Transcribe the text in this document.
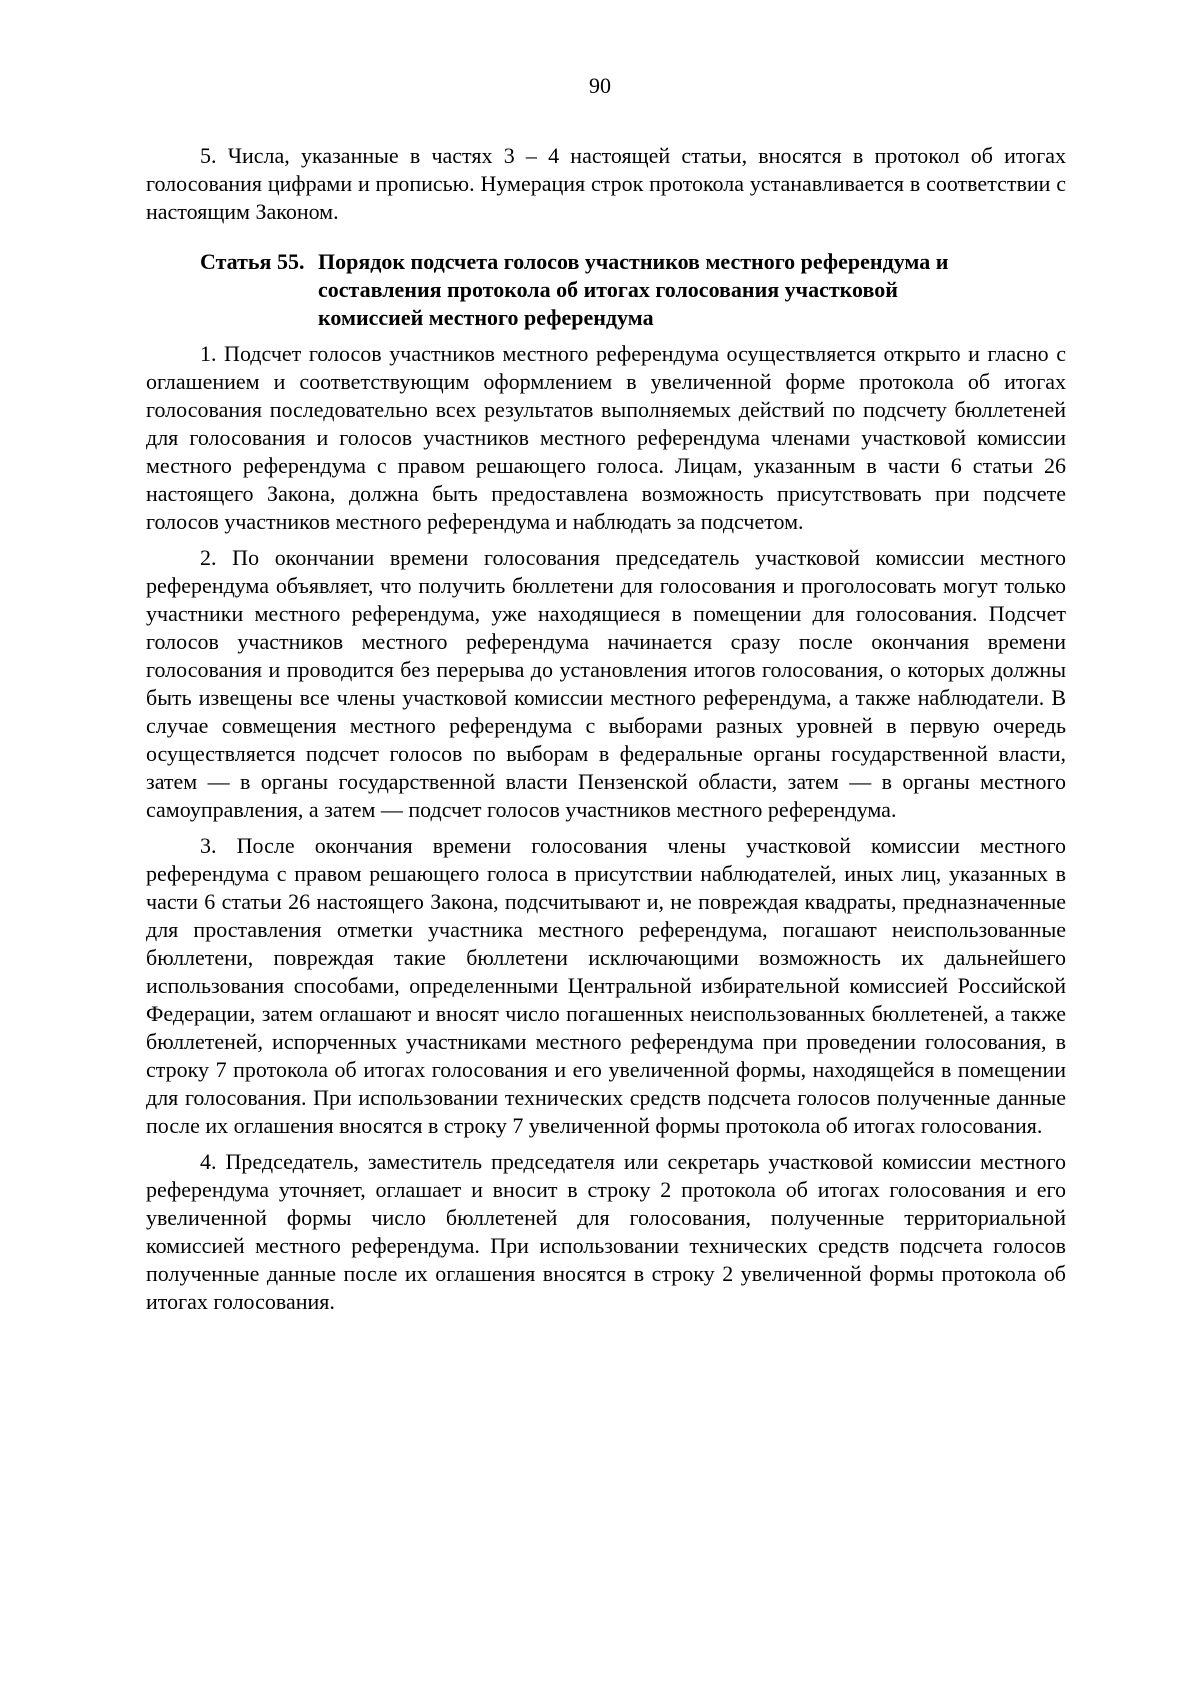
90

5. Числа, указанные в частях 3 – 4 настоящей статьи, вносятся в протокол об итогах голосования цифрами и прописью. Нумерация строк протокола устанавливается в соответствии с настоящим Законом.

Статья 55. Порядок подсчета голосов участников местного референдума и
составления протокола об итогах голосования участковой
комиссией местного референдума

1. Подсчет голосов участников местного референдума осуществляется открыто и гласно с оглашением и соответствующим оформлением в увеличенной форме протокола об итогах голосования последовательно всех результатов выполняемых действий по подсчету бюллетеней для голосования и голосов участников местного референдума членами участковой комиссии местного референдума с правом решающего голоса. Лицам, указанным в части 6 статьи 26 настоящего Закона, должна быть предоставлена возможность присутствовать при подсчете голосов участников местного референдума и наблюдать за подсчетом.

2. По окончании времени голосования председатель участковой комиссии местного референдума объявляет, что получить бюллетени для голосования и проголосовать могут только участники местного референдума, уже находящиеся в помещении для голосования. Подсчет голосов участников местного референдума начинается сразу после окончания времени голосования и проводится без перерыва до установления итогов голосования, о которых должны быть извещены все члены участковой комиссии местного референдума, а также наблюдатели. В случае совмещения местного референдума с выборами разных уровней в первую очередь осуществляется подсчет голосов по выборам в федеральные органы государственной власти, затем — в органы государственной власти Пензенской области, затем — в органы местного самоуправления, а затем — подсчет голосов участников местного референдума.

3. После окончания времени голосования члены участковой комиссии местного референдума с правом решающего голоса в присутствии наблюдателей, иных лиц, указанных в части 6 статьи 26 настоящего Закона, подсчитывают и, не повреждая квадраты, предназначенные для проставления отметки участника местного референдума, погашают неиспользованные бюллетени, повреждая такие бюллетени исключающими возможность их дальнейшего использования способами, определенными Центральной избирательной комиссией Российской Федерации, затем оглашают и вносят число погашенных неиспользованных бюллетеней, а также бюллетеней, испорченных участниками местного референдума при проведении голосования, в строку 7 протокола об итогах голосования и его увеличенной формы, находящейся в помещении для голосования. При использовании технических средств подсчета голосов полученные данные после их оглашения вносятся в строку 7 увеличенной формы протокола об итогах голосования.

4. Председатель, заместитель председателя или секретарь участковой комиссии местного референдума уточняет, оглашает и вносит в строку 2 протокола об итогах голосования и его увеличенной формы число бюллетеней для голосования, полученные территориальной комиссией местного референдума. При использовании технических средств подсчета голосов полученные данные после их оглашения вносятся в строку 2 увеличенной формы протокола об итогах голосования.
